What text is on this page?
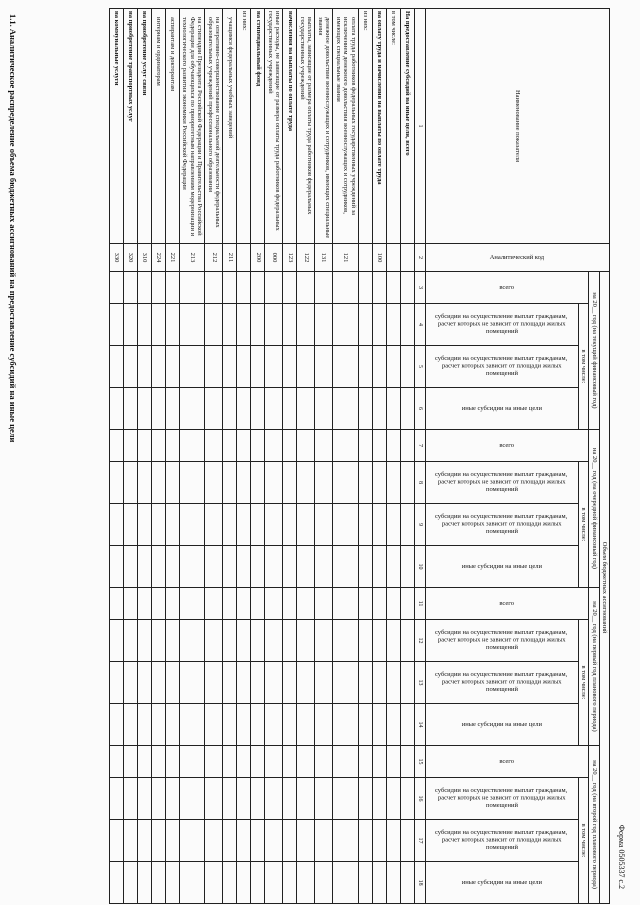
Форма 0505337 с.2
1.1. Аналитическое распределение объема бюджетных ассигнований на предоставление субсидий на иные цели	Наименование показателя	Аналитический код	Объем бюджетных ассигнований															
		на 20__ год (на текущий финансовый год)				на 20__ год (на очередной финансовый год)				на 20__ год (на первый год планового периода)				на 20__ год (на второй год планового периода)			

		всего	в том числе:			всего	в том числе:			всего	в том числе:			всего	в том числе:		

			субсидии на осуществление выплат гражданам, расчет которых не зависит от площади жилых помещений	субсидии на осуществление выплат гражданам, расчет которых зависит от площади жилых помещений	иные субсидии на иные цели		субсидии на осуществление выплат гражданам, расчет которых не зависит от площади жилых помещений	субсидии на осуществление выплат гражданам, расчет которых зависит от площади жилых помещений	иные субсидии на иные цели		субсидии на осуществление выплат гражданам, расчет которых не зависит от площади жилых помещений	субсидии на осуществление выплат гражданам, расчет которых зависит от площади жилых помещений	иные субсидии на иные цели		субсидии на осуществление выплат гражданам, расчет которых не зависит от площади жилых помещений	субсидии на осуществление выплат гражданам, расчет которых зависит от площади жилых помещений	иные субсидии на иные цели

1	2	3	4	5	6	7	8	9	10	11	12	13	14	15	16	17	18
На предоставление субсидий на иные цели, всего																	
в том числе:																	
на оплату труда и начисления на выплаты по оплате труда	100																
из них:																	
оплата труда работников федеральных государственных учреждений за исключением денежного довольствия военнослужащих и сотрудников, имеющих специальные звания	121																
денежное довольствие военнослужащих и сотрудников, имеющих специальные звания	131																
выплаты, зависящие от размера оплаты труда работников федеральных государственных учреждений	122																
начисления на выплаты по оплате труда	123																
иные расходы, не зависящие от размера оплаты труда работников федеральных государственных учреждений	000																
на стипендиальный фонд	200																
из них:																	
учащимся федеральных учебных заведений	211																
на оперативно-совершенствование специальной деятельности федеральных образовательных учреждений профессионального образования	212																
на стипендии Президента Российской Федерации и Правительства Российской Федерации для обучающихся по приоритетным направлениям модернизации и технологического развития экономики Российской Федерации	213																
аспирантам и докторантам	221																
интернам и ординаторам	224																
на приобретение услуг связи	310																
на приобретение транспортных услуг	320																
на коммунальные услуги	330																
